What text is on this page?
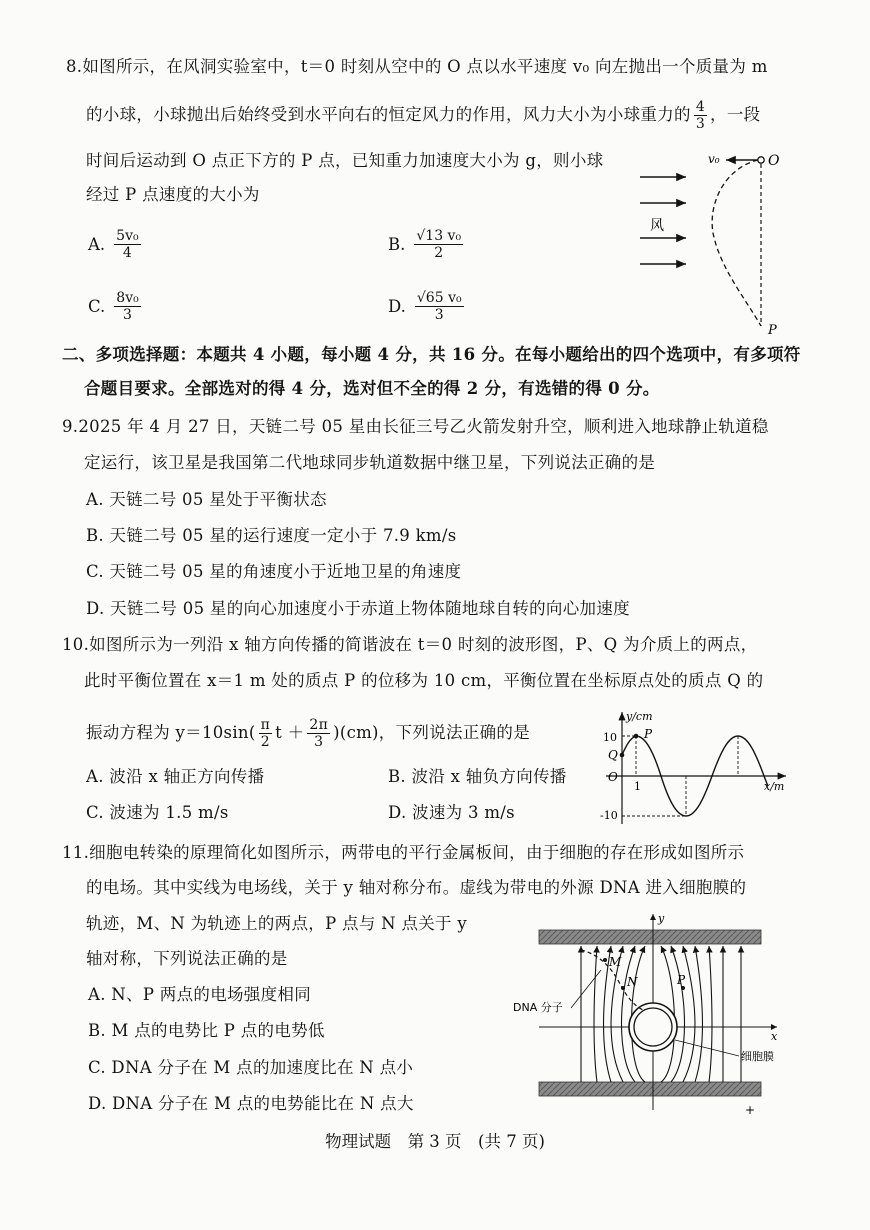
8.如图所示，在风洞实验室中，t＝0 时刻从空中的 O 点以水平速度 v₀ 向左抛出一个质量为 m
的小球，小球抛出后始终受到水平向右的恒定风力的作用，风力大小为小球重力的 $\frac{4}{3}$ ，一段
时间后运动到 O 点正下方的 P 点，已知重力加速度大小为 g，则小球
经过 P 点速度的大小为
A. $\frac{\text{5v₀}}{4}$	B. $\frac{\text{√13 v₀}}{2}$
C. $\frac{\text{8v₀}}{3}$	D. $\frac{\text{√65 v₀}}{3}$
v₀	O
风
P
二、多项选择题：本题共 4 小题，每小题 4 分，共 16 分。在每小题给出的四个选项中，有多项符
合题目要求。全部选对的得 4 分，选对但不全的得 2 分，有选错的得 0 分。
9.2025 年 4 月 27 日，天链二号 05 星由长征三号乙火箭发射升空，顺利进入地球静止轨道稳
定运行，该卫星是我国第二代地球同步轨道数据中继卫星，下列说法正确的是
A. 天链二号 05 星处于平衡状态
B. 天链二号 05 星的运行速度一定小于 7.9 km/s
C. 天链二号 05 星的角速度小于近地卫星的角速度
D. 天链二号 05 星的向心加速度小于赤道上物体随地球自转的向心加速度
10.如图所示为一列沿 x 轴方向传播的简谐波在 t＝0 时刻的波形图，P、Q 为介质上的两点，
此时平衡位置在 x＝1 m 处的质点 P 的位移为 10 cm，平衡位置在坐标原点处的质点 Q 的
振动方程为 $y=10\sin( \frac{\pi}{2}$ $t + \frac{2\pi}{3} )(cm)$，下列说法正确的是
A. 波沿 x 轴正方向传播	B. 波沿 x 轴负方向传播
C. 波速为 1.5 m/s	D. 波速为 3 m/s
y/cm
x/m
10
-10
O
Q
P
1
11.细胞电转染的原理简化如图所示，两带电的平行金属板间，由于细胞的存在形成如图所示
的电场。其中实线为电场线，关于 y 轴对称分布。虚线为带电的外源 DNA 进入细胞膜的
轨迹，M、N 为轨迹上的两点，P 点与 N 点关于 y
轴对称，下列说法正确的是
A. N、P 两点的电场强度相同
B. M 点的电势比 P 点的电势低
C. DNA 分子在 M 点的加速度比在 N 点小
D. DNA 分子在 M 点的电势能比在 N 点大
y
x
M
N	P
DNA 分子
细胞膜
+
物理试题　第 3 页　(共 7 页)
